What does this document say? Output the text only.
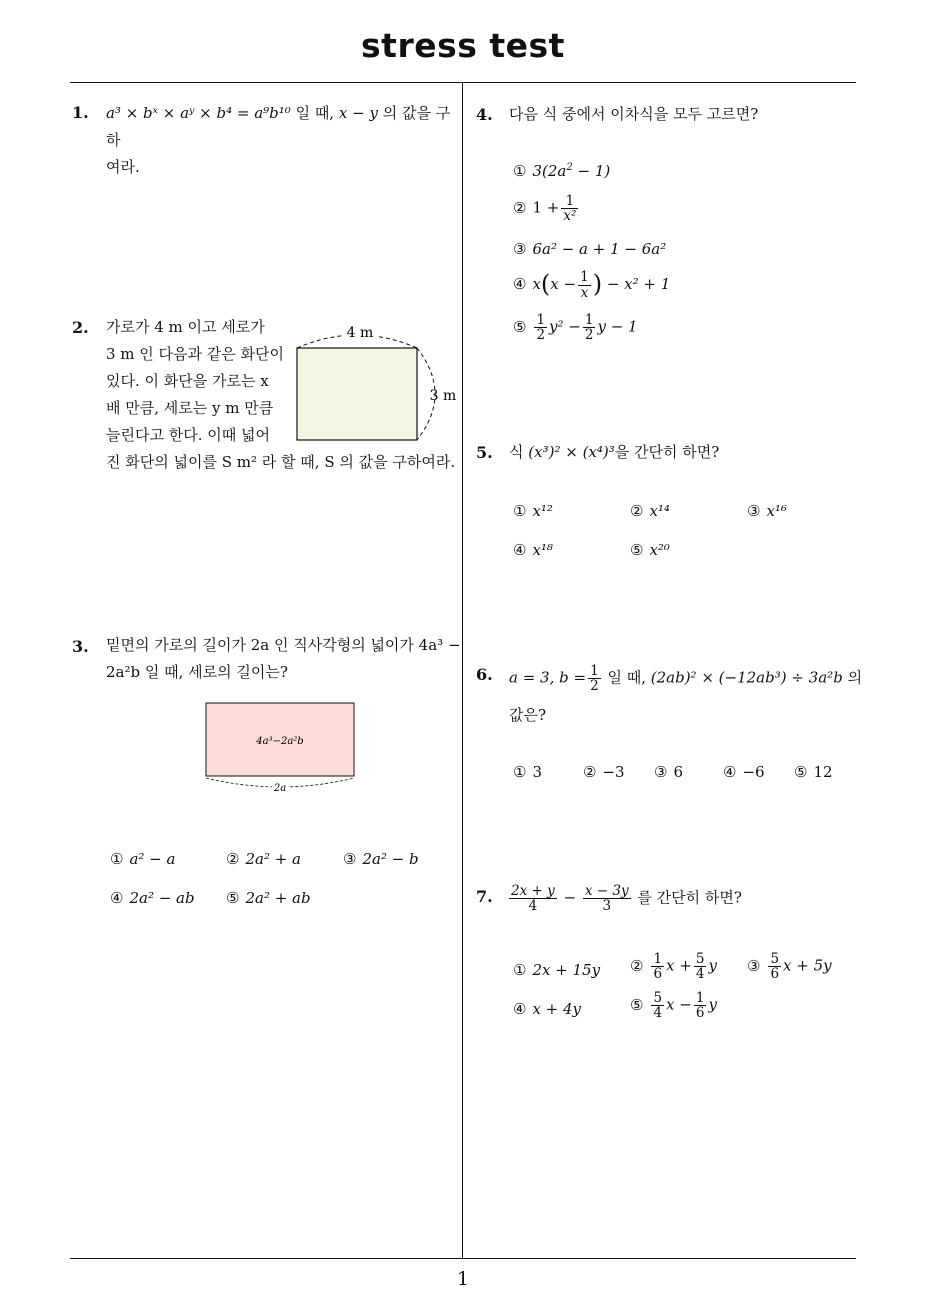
stress test
1
1. a³ × bˣ × aʸ × b⁴ = a⁹b¹⁰ 일 때, x − y 의 값을 구하
여라.
2. 가로가 4 m 이고 세로가
3 m 인 다음과 같은 화단이
있다. 이 화단을 가로는 x
배 만큼, 세로는 y m 만큼
늘린다고 한다. 이때 넓어
진 화단의 넓이를 S m² 라 할 때, S 의 값을 구하여라.
4 m
3 m
3. 밑면의 가로의 길이가 2a 인 직사각형의 넓이가 4a³ −
2a²b 일 때, 세로의 길이는?
4a³−2a²b
2a
① a² − a	② 2a² + a	③ 2a² − b
④ 2a² − ab ⑤ 2a² + ab
4. 다음 식 중에서 이차식을 모두 고르면?
① $3(2a^2 - 1)$
② $1 + \frac{1}{\text{x²}}$
③ 6a² − a + 1 − 6a²
④ $x(x - \frac{1}{x}$ ) − x² + 1
⑤ $\frac{1}{2} y^2 - \frac{1}{2}$ y − 1
5. 식 (x³)² × (x⁴)³을 간단히 하면?
① x¹²	② x¹⁴	③ x¹⁶
④ x¹⁸	⑤ x²⁰
6. a = 3, $b = \frac{1}{2}$ 일 때, (2ab)² × (−12ab³) ÷ 3a²b 의
값은?
① 3	② −3 ③ 6	④ −6 ⑤ 12
7. $\frac{2x + y}{4} - \frac{x - 3y}{3}$ 를 간단히 하면?
① 2x + 15y ② $\frac{1}{6}$ $x + \frac{5}{4}$ y ③ $\frac{5}{6}$ x + 5y
④ x + 4y	⑤ $\frac{5}{4}$ $x - \frac{1}{6}$ y
